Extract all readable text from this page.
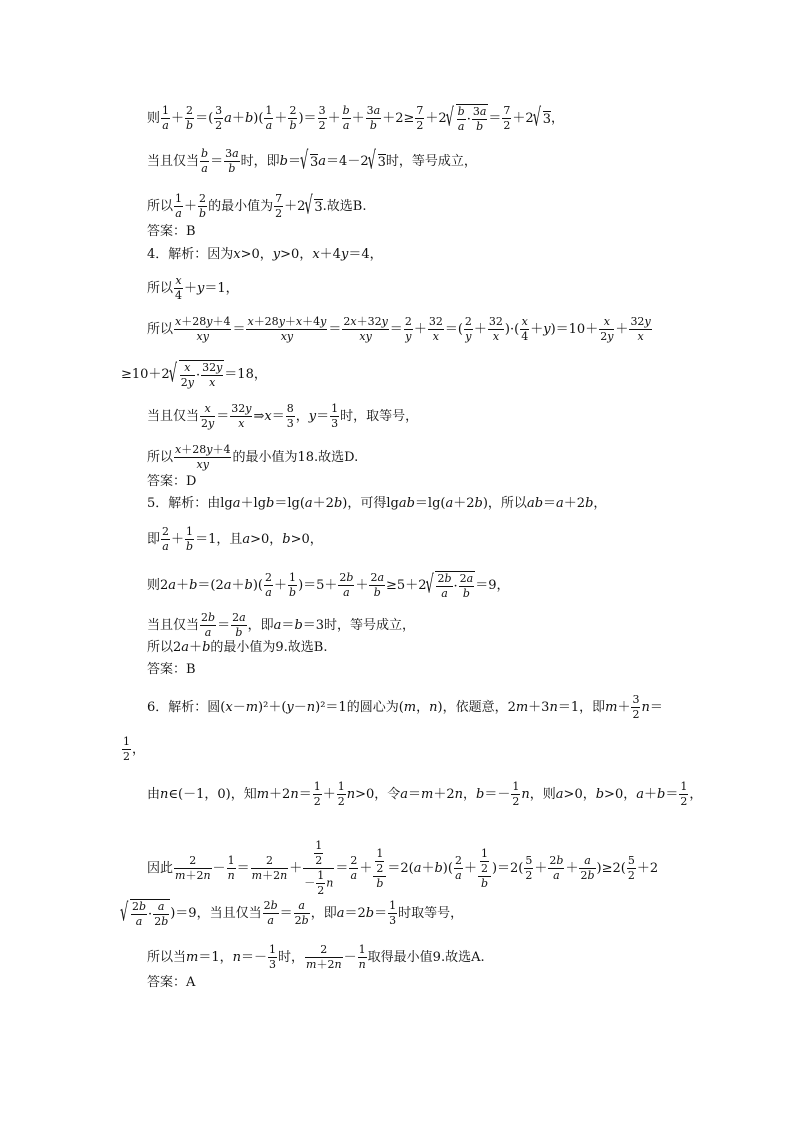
则 $\frac{1}{a} + \frac{2}{b}$ ＝( $\frac{3}{2} a+b)( \frac{1}{a} + \frac{2}{b}$ )＝ $\frac{3}{2} + \frac{b}{a} + \frac{3a}{b} +2\ge \frac{7}{2} +2$
√ $\frac{b}{a} \cdot \frac{3a}{b} = \frac{7}{2} +2√$ 3，
当且仅当 $\frac{b}{a} = \frac{3a}{b}$ 时，即b＝√ 3a＝4－2√ 3时，等号成立，
所以 $\frac{1}{a} + \frac{2}{b}$ 的最小值为 $\frac{7}{2} +2√$ 3.故选B.
答案：B
4．解析：因为x>0，y>0，x＋4y＝4，
所以 $\frac{x}{4} +y=1$，
所以 $\frac{x+28y+4}{xy} = \frac{x+28y+x+4y}{xy} = \frac{2x+32y}{xy} = \frac{2}{y} + \frac{32}{x}$ ＝( $\frac{2}{y} + \frac{32}{x}$ )·( $\frac{x}{4} +y)=10+ \frac{x}{2y} + \frac{32y}{x}$
≥10＋2
√ $\frac{x}{2y} \cdot \frac{32y}{x} =18$，
当且仅当 $\frac{x}{2y} = \frac{32y}{x}$ ⇒x＝ $\frac{8}{3}$ ，$y= \frac{1}{3}$ 时，取等号，
所以 $\frac{x+28y+4}{xy}$ 的最小值为18.故选D.
答案：D
5．解析：由lga＋lgb＝lg(a＋2b)，可得lgab＝lg(a＋2b)，所以ab＝a＋2b，
即 $\frac{2}{a} + \frac{1}{b} =1$，且a>0，b>0，
则$2a+b=(2a+b)( \frac{2}{a} + \frac{1}{b} )=5+ \frac{2b}{a} + \frac{2a}{b} \ge 5+2$
√ $\frac{2b}{a} \cdot \frac{2a}{b} =9$，
当且仅当 $\frac{2b}{a} = \frac{2a}{b}$ ，即a＝b＝3时，等号成立，
所以2a＋b的最小值为9.故选B.
答案：B
6．解析：圆(x－m)²＋(y－n)²＝1的圆心为(m，n)，依题意，2m＋3n＝1，即$m+ \frac{3}{2} n=$
$\frac{1}{2}$ ，
由n∈(－1，0)，知$m+2n= \frac{1}{2} + \frac{1}{2} n>0$，令a＝m＋2n，$b=- \frac{1}{2}$ n，则a>0，b>0，$a+b= \frac{1}{2}$ ，
因此 $\frac{2}{m+2n} - \frac{1}{n} = \frac{2}{m+2n} + \frac{\frac{1}{2}}{- \frac{1}{2} n} = \frac{2}{a} + \frac{\frac{1}{2}}{b} =2(a+b)( \frac{2}{a} + \frac{\frac{1}{2}}{b} )=2( \frac{5}{2} + \frac{2b}{a} + \frac{a}{2b} )\ge 2( \frac{5}{2} +2$
√ $\frac{2b}{a} \cdot \frac{a}{2b} )=9$，当且仅当 $\frac{2b}{a} = \frac{a}{2b}$ ，即$a=2b= \frac{1}{3}$ 时取等号，
所以当m＝1，$n=- \frac{1}{3}$ 时， $\frac{2}{m+2n} - \frac{1}{n}$ 取得最小值9.故选A.
答案：A
